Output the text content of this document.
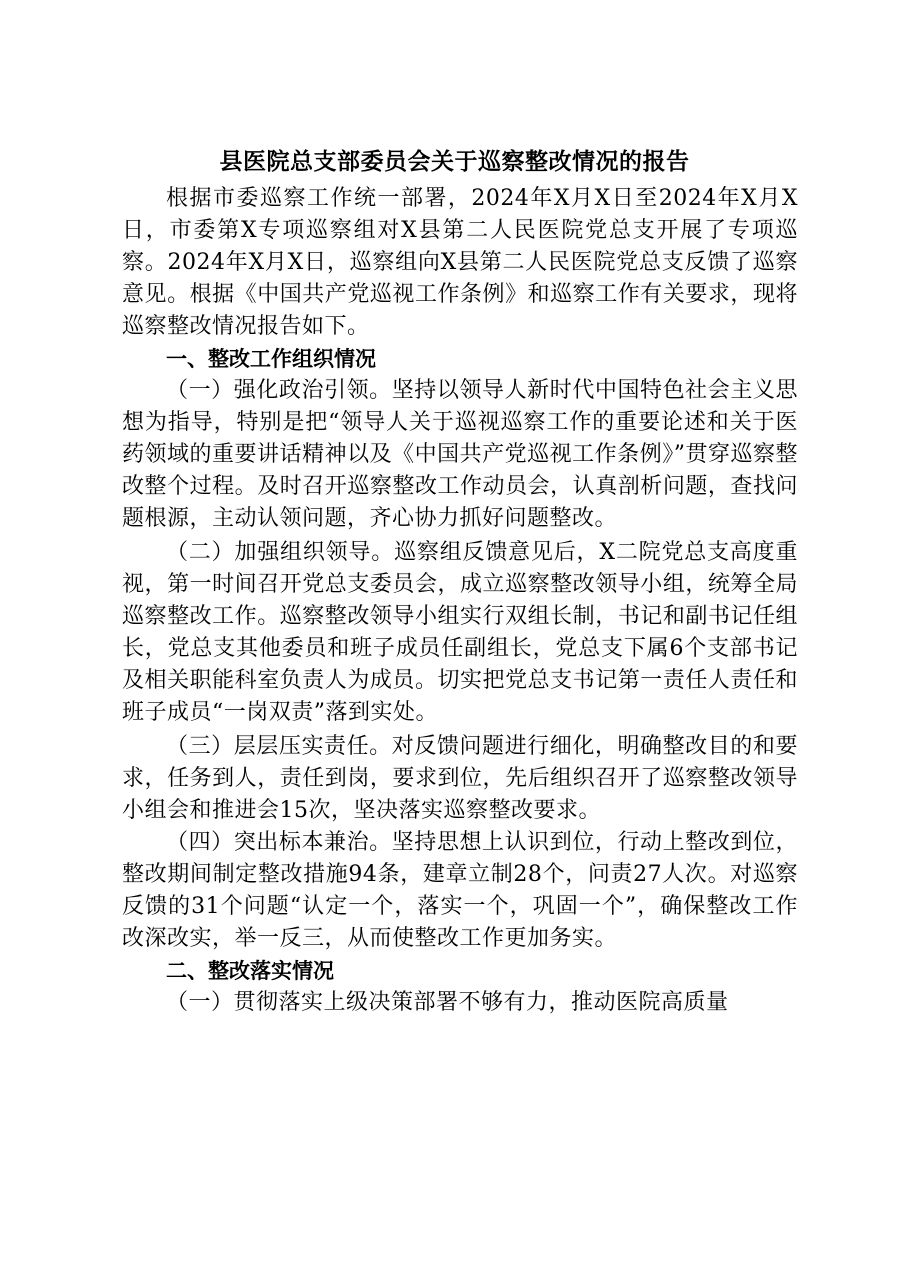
县医院总支部委员会关于巡察整改情况的报告

根据市委巡察工作统一部署，2024年X月X日至2024年X月X日，市委第X专项巡察组对X县第二人民医院党总支开展了专项巡察。2024年X月X日，巡察组向X县第二人民医院党总支反馈了巡察意见。根据《中国共产党巡视工作条例》和巡察工作有关要求，现将巡察整改情况报告如下。

一、整改工作组织情况

（一）强化政治引领。坚持以领导人新时代中国特色社会主义思想为指导，特别是把“领导人关于巡视巡察工作的重要论述和关于医药领域的重要讲话精神以及《中国共产党巡视工作条例》”贯穿巡察整改整个过程。及时召开巡察整改工作动员会，认真剖析问题，查找问题根源，主动认领问题，齐心协力抓好问题整改。

（二）加强组织领导。巡察组反馈意见后，X二院党总支高度重视，第一时间召开党总支委员会，成立巡察整改领导小组，统筹全局巡察整改工作。巡察整改领导小组实行双组长制，书记和副书记任组长，党总支其他委员和班子成员任副组长，党总支下属6个支部书记及相关职能科室负责人为成员。切实把党总支书记第一责任人责任和班子成员“一岗双责”落到实处。

（三）层层压实责任。对反馈问题进行细化，明确整改目的和要求，任务到人，责任到岗，要求到位，先后组织召开了巡察整改领导小组会和推进会15次，坚决落实巡察整改要求。

（四）突出标本兼治。坚持思想上认识到位，行动上整改到位，整改期间制定整改措施94条，建章立制28个，问责27人次。对巡察反馈的31个问题“认定一个，落实一个，巩固一个”，确保整改工作改深改实，举一反三，从而使整改工作更加务实。

二、整改落实情况

（一）贯彻落实上级决策部署不够有力，推动医院高质量
